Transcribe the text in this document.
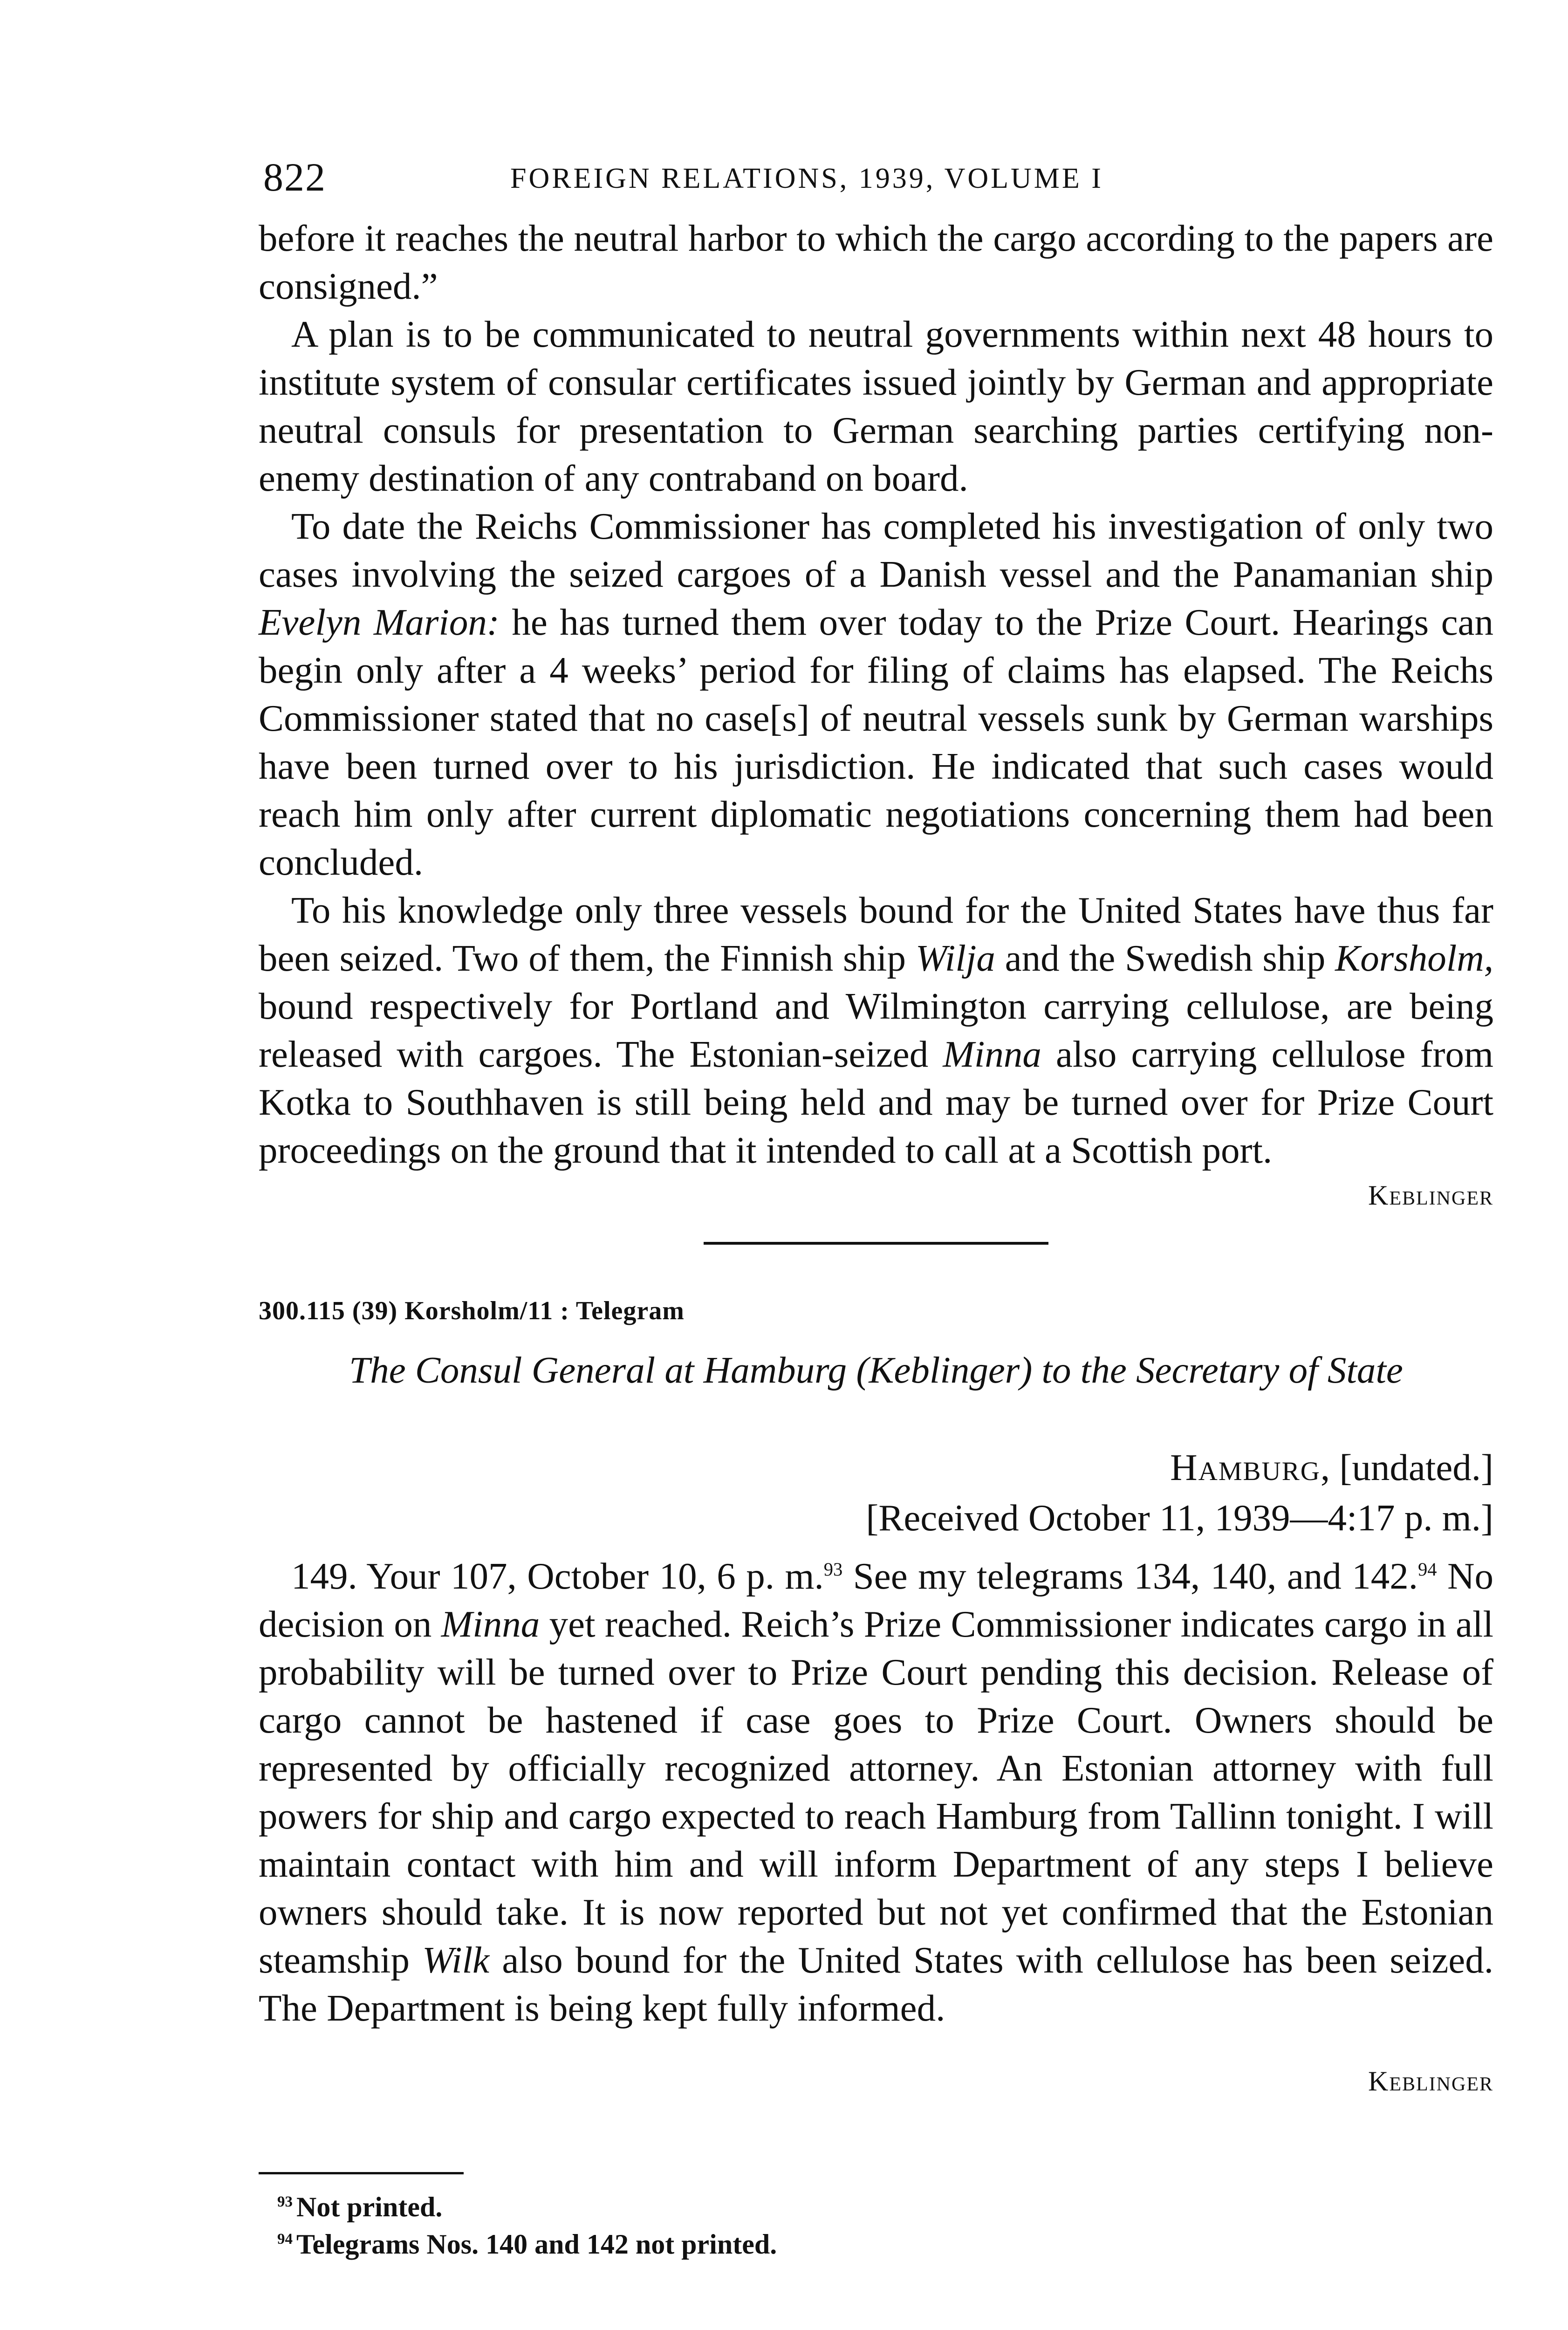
822	FOREIGN RELATIONS, 1939, VOLUME I

before it reaches the neutral harbor to which the cargo according to the papers are consigned.”

A plan is to be communicated to neutral governments within next 48 hours to institute system of consular certificates issued jointly by German and appropriate neutral consuls for presentation to German searching parties certifying non-enemy destination of any contraband on board.

To date the Reichs Commissioner has completed his investigation of only two cases involving the seized cargoes of a Danish vessel and the Panamanian ship Evelyn Marion: he has turned them over today to the Prize Court. Hearings can begin only after a 4 weeks’ period for filing of claims has elapsed. The Reichs Commissioner stated that no case[s] of neutral vessels sunk by German warships have been turned over to his jurisdiction. He indicated that such cases would reach him only after current diplomatic negotiations concerning them had been concluded.

To his knowledge only three vessels bound for the United States have thus far been seized. Two of them, the Finnish ship Wilja and the Swedish ship Korsholm, bound respectively for Portland and Wilmington carrying cellulose, are being released with cargoes. The Estonian-seized Minna also carrying cellulose from Kotka to Southhaven is still being held and may be turned over for Prize Court proceedings on the ground that it intended to call at a Scottish port.

Keblinger

300.115 (39) Korsholm/11 : Telegram

The Consul General at Hamburg (Keblinger) to the Secretary of State

Hamburg, [undated.]

[Received October 11, 1939—4:17 p. m.]

149. Your 107, October 10, 6 p. m.$^{93}$ See my telegrams 134, 140, and 142.94 No decision on Minna yet reached. Reich’s Prize Commissioner indicates cargo in all probability will be turned over to Prize Court pending this decision. Release of cargo cannot be hastened if case goes to Prize Court. Owners should be represented by officially recognized attorney. An Estonian attorney with full powers for ship and cargo expected to reach Hamburg from Tallinn tonight. I will maintain contact with him and will inform Department of any steps I believe owners should take. It is now reported but not yet confirmed that the Estonian steamship Wilk also bound for the United States with cellulose has been seized. The Department is being kept fully informed.

Keblinger

$^{93}$ Not printed.

$^{94}$ Telegrams Nos. 140 and 142 not printed.
